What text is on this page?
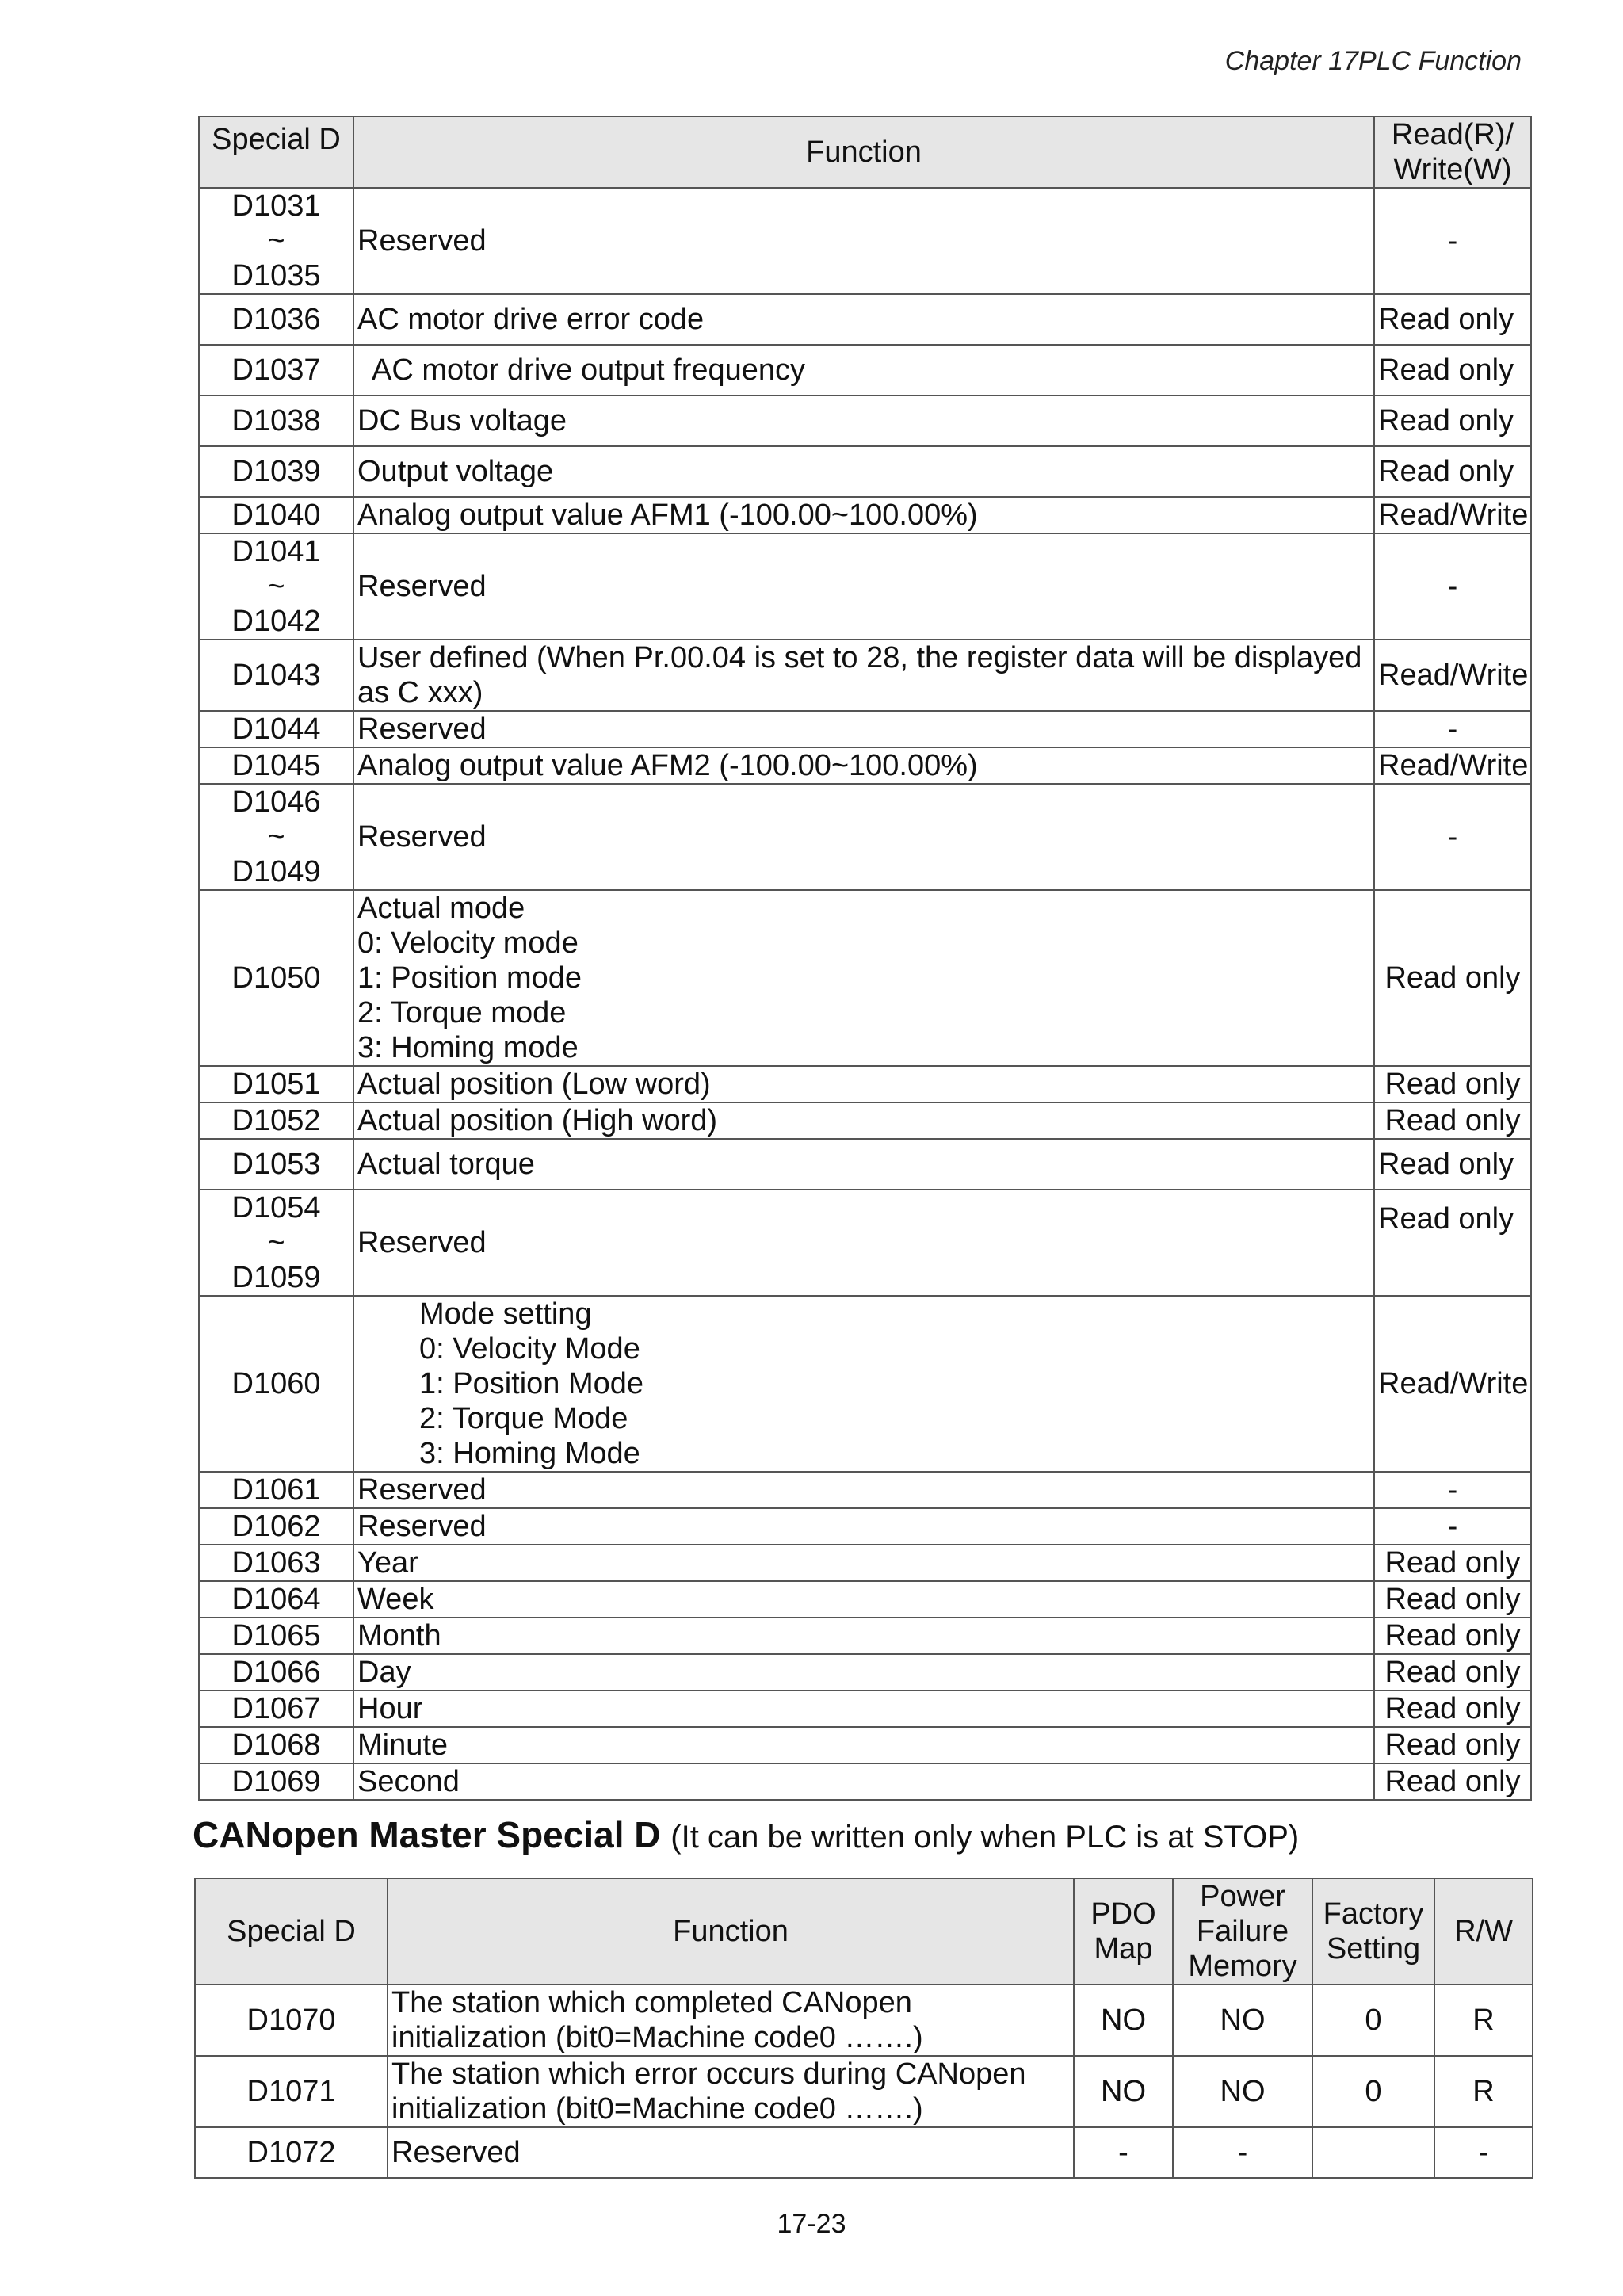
Chapter 17PLC Function
Special D	Function	Read(R)/
Write(W)

D1031
~
D1035	Reserved	-

D1036	AC motor drive error code	Read only

D1037	AC motor drive output frequency	Read only

D1038	DC Bus voltage	Read only

D1039	Output voltage	Read only

D1040	Analog output value AFM1 (-100.00~100.00%)	Read/Write

D1041
~
D1042	Reserved	-

D1043	User defined (When Pr.00.04 is set to 28, the register data will be displayed
as C xxx)	Read/Write

D1044	Reserved	-

D1045	Analog output value AFM2 (-100.00~100.00%)	Read/Write

D1046
~
D1049	Reserved	-

D1050	Actual mode
0: Velocity mode
1: Position mode
2: Torque mode
3: Homing mode	Read only

D1051	Actual position (Low word)	Read only

D1052	Actual position (High word)	Read only

D1053	Actual torque	Read only

D1054
~
D1059	Reserved	Read only

D1060	Mode setting
0: Velocity Mode
1: Position Mode
2: Torque Mode
3: Homing Mode	Read/Write

D1061	Reserved	-

D1062	Reserved	-

D1063	Year	Read only

D1064	Week	Read only

D1065	Month	Read only

D1066	Day	Read only

D1067	Hour	Read only

D1068	Minute	Read only

D1069	Second	Read only
CANopen Master Special D (It can be written only when PLC is at STOP)
Special D	Function	PDO
Map	Power
Failure
Memory	Factory
Setting	R/W
D1070	The station which completed CANopen
initialization (bit0=Machine code0 …….)	NO	NO	0	R
D1071	The station which error occurs during CANopen
initialization (bit0=Machine code0 …….)	NO	NO	0	R
D1072	Reserved	-	-		-
17-23
